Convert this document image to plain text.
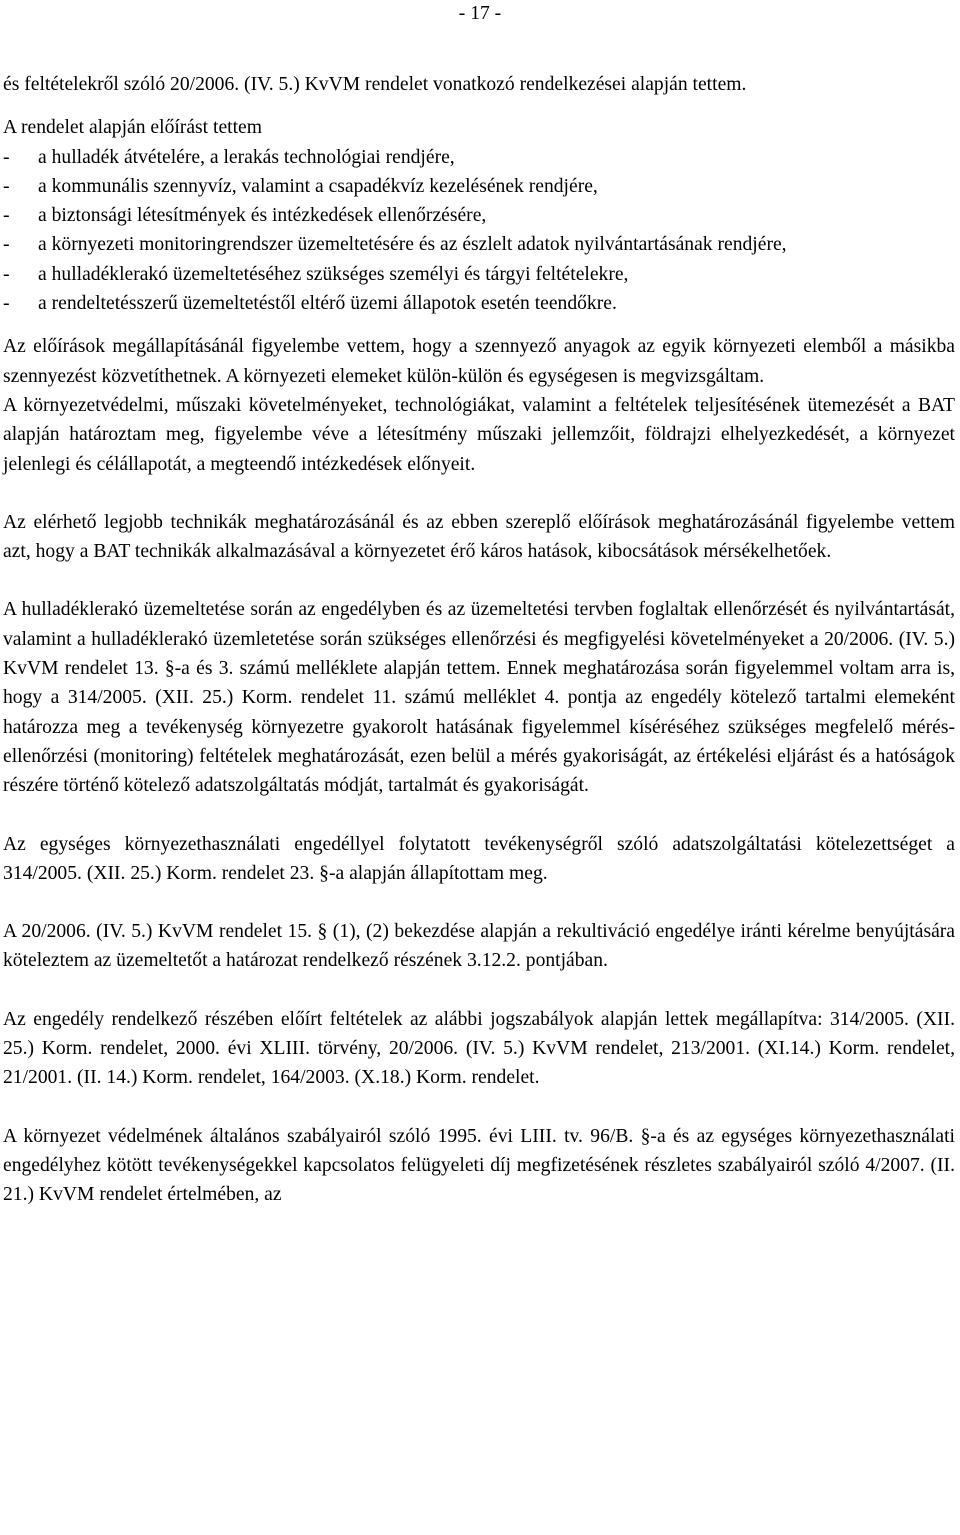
- 17 -

és feltételekről szóló 20/2006. (IV. 5.) KvVM rendelet vonatkozó rendelkezései alapján tettem.

A rendelet alapján előírást tettem

- a hulladék átvételére, a lerakás technológiai rendjére,
- a kommunális szennyvíz, valamint a csapadékvíz kezelésének rendjére,
- a biztonsági létesítmények és intézkedések ellenőrzésére,
- a környezeti monitoringrendszer üzemeltetésére és az észlelt adatok nyilvántartásának rendjére,
- a hulladéklerakó üzemeltetéséhez szükséges személyi és tárgyi feltételekre,
- a rendeltetésszerű üzemeltetéstől eltérő üzemi állapotok esetén teendőkre.

Az előírások megállapításánál figyelembe vettem, hogy a szennyező anyagok az egyik környezeti elemből a másikba szennyezést közvetíthetnek. A környezeti elemeket külön-külön és egységesen is megvizsgáltam.

A környezetvédelmi, műszaki követelményeket, technológiákat, valamint a feltételek teljesítésének ütemezését a BAT alapján határoztam meg, figyelembe véve a létesítmény műszaki jellemzőit, földrajzi elhelyezkedését, a környezet jelenlegi és célállapotát, a megteendő intézkedések előnyeit.

Az elérhető legjobb technikák meghatározásánál és az ebben szereplő előírások meghatározásánál figyelembe vettem azt, hogy a BAT technikák alkalmazásával a környezetet érő káros hatások, kibocsátások mérsékelhetőek.

A hulladéklerakó üzemeltetése során az engedélyben és az üzemeltetési tervben foglaltak ellenőrzését és nyilvántartását, valamint a hulladéklerakó üzemletetése során szükséges ellenőrzési és megfigyelési követelményeket a 20/2006. (IV. 5.) KvVM rendelet 13. §-a és 3. számú melléklete alapján tettem. Ennek meghatározása során figyelemmel voltam arra is, hogy a 314/2005. (XII. 25.) Korm. rendelet 11. számú melléklet 4. pontja az engedély kötelező tartalmi elemeként határozza meg a tevékenység környezetre gyakorolt hatásának figyelemmel kíséréséhez szükséges megfelelő mérés-ellenőrzési (monitoring) feltételek meghatározását, ezen belül a mérés gyakoriságát, az értékelési eljárást és a hatóságok részére történő kötelező adatszolgáltatás módját, tartalmát és gyakoriságát.

Az egységes környezethasználati engedéllyel folytatott tevékenységről szóló adatszolgáltatási kötelezettséget a 314/2005. (XII. 25.) Korm. rendelet 23. §-a alapján állapítottam meg.

A 20/2006. (IV. 5.) KvVM rendelet 15. § (1), (2) bekezdése alapján a rekultiváció engedélye iránti kérelme benyújtására köteleztem az üzemeltetőt a határozat rendelkező részének 3.12.2. pontjában.

Az engedély rendelkező részében előírt feltételek az alábbi jogszabályok alapján lettek megállapítva: 314/2005. (XII. 25.) Korm. rendelet, 2000. évi XLIII. törvény, 20/2006. (IV. 5.) KvVM rendelet, 213/2001. (XI.14.) Korm. rendelet, 21/2001. (II. 14.) Korm. rendelet, 164/2003. (X.18.) Korm. rendelet.

A környezet védelmének általános szabályairól szóló 1995. évi LIII. tv. 96/B. §-a és az egységes környezethasználati engedélyhez kötött tevékenységekkel kapcsolatos felügyeleti díj megfizetésének részletes szabályairól szóló 4/2007. (II. 21.) KvVM rendelet értelmében, az
